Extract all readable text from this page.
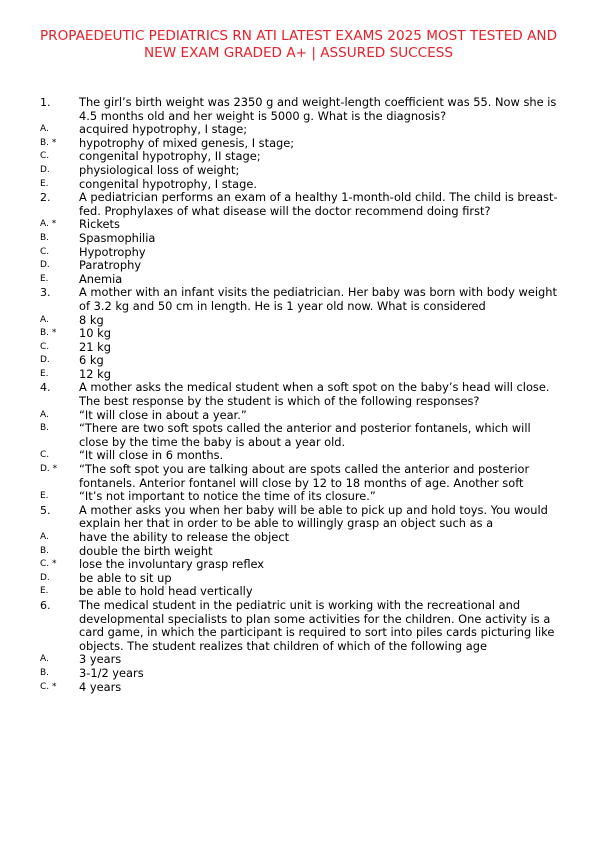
PROPAEDEUTIC PEDIATRICS RN ATI LATEST EXAMS 2025 MOST TESTED AND
NEW EXAM GRADED A+ | ASSURED SUCCESS
1.	The girl’s birth weight was 2350 g and weight-length coefficient was 55. Now she is 4.5 months old and her weight is 5000 g. What is the diagnosis?
A.	acquired hypotrophy, I stage;
B. * hypotrophy of mixed genesis, I stage;
C.	congenital hypotrophy, II stage;
D.	physiological loss of weight;
E.	congenital hypotrophy, I stage.
2.	A pediatrician performs an exam of a healthy 1-month-old child. The child is breast-fed. Prophylaxes of what disease will the doctor recommend doing first?
A. * Rickets
B.	Spasmophilia
C.	Hypotrophy
D.	Paratrophy
E.	Anemia
3.	A mother with an infant visits the pediatrician. Her baby was born with body weight of 3.2 kg and 50 cm in length. He is 1 year old now. What is considered
A.	8 kg
B. * 10 kg
C.	21 kg
D.	6 kg
E.	12 kg
4.	A mother asks the medical student when a soft spot on the baby’s head will close. The best response by the student is which of the following responses?
A.	“It will close in about a year.”
B.	“There are two soft spots called the anterior and posterior fontanels, which will close by the time the baby is about a year old.
C.	“It will close in 6 months.
D. * “The soft spot you are talking about are spots called the anterior and posterior fontanels. Anterior fontanel will close by 12 to 18 months of age. Another soft
E.	“It’s not important to notice the time of its closure.”
5.	A mother asks you when her baby will be able to pick up and hold toys. You would explain her that in order to be able to willingly grasp an object such as a
A.	have the ability to release the object
B.	double the birth weight
C. * lose the involuntary grasp reflex
D.	be able to sit up
E.	be able to hold head vertically
6.	The medical student in the pediatric unit is working with the recreational and developmental specialists to plan some activities for the children. One activity is a card game, in which the participant is required to sort into piles cards picturing like objects. The student realizes that children of which of the following age
A.	3 years
B.	3-1/2 years
C. * 4 years
